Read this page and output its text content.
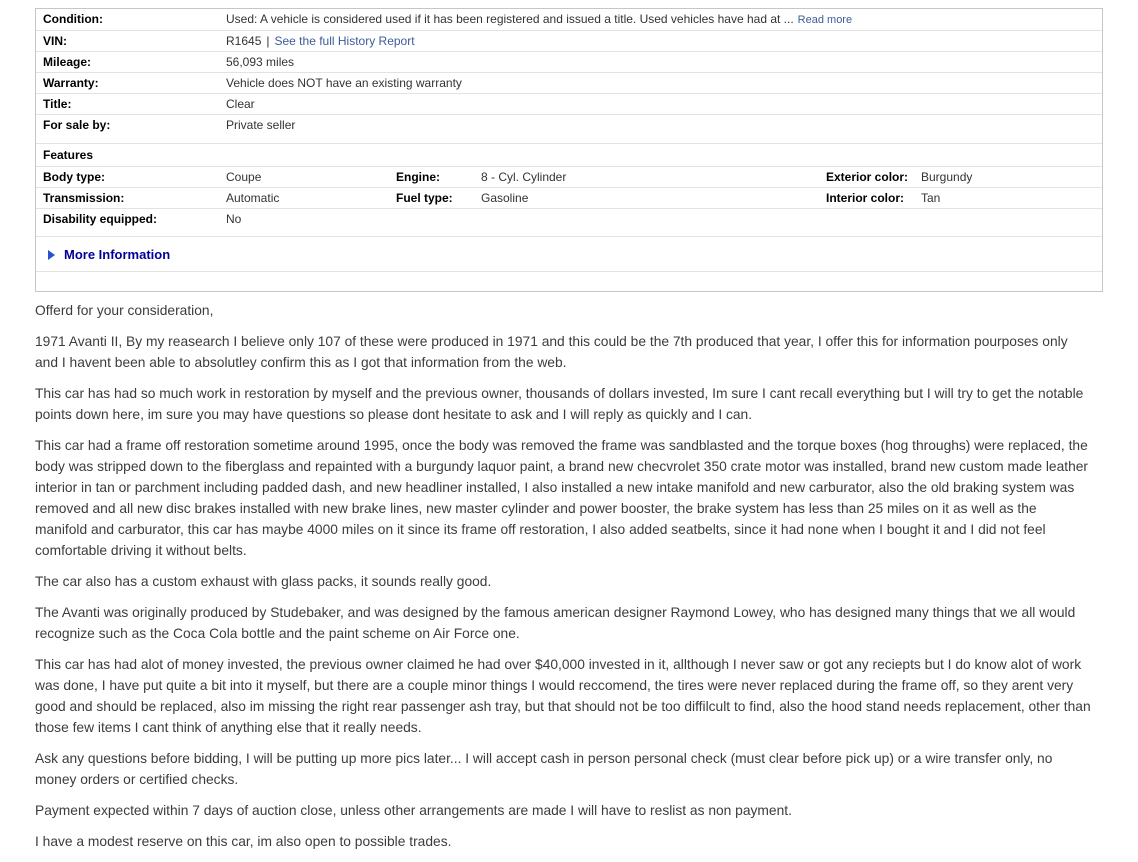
Condition:	Used: A vehicle is considered used if it has been registered and issued a title. Used vehicles have had at ... Read more
VIN:	R1645 | See the full History Report
Mileage:	56,093 miles
Warranty:	Vehicle does NOT have an existing warranty
Title:	Clear
For sale by:	Private seller
Features
Body type:	Coupe	Engine:	8 - Cyl. Cylinder	Exterior color:	Burgundy
Transmission:	Automatic	Fuel type:	Gasoline	Interior color:	Tan
Disability equipped:	No
More Information

Offerd for your consideration,

1971 Avanti II, By my reasearch I believe only 107 of these were produced in 1971 and this could be the 7th produced that year, I offer this for information pourposes only and I havent been able to absolutley confirm this as I got that information from the web.

This car has had so much work in restoration by myself and the previous owner, thousands of dollars invested, Im sure I cant recall everything but I will try to get the notable points down here, im sure you may have questions so please dont hesitate to ask and I will reply as quickly and I can.

This car had a frame off restoration sometime around 1995, once the body was removed the frame was sandblasted and the torque boxes (hog throughs) were replaced, the body was stripped down to the fiberglass and repainted with a burgundy laquor paint, a brand new checvrolet 350 crate motor was installed, brand new custom made leather interior in tan or parchment including padded dash, and new headliner installed, I also installed a new intake manifold and new carburator, also the old braking system was removed and all new disc brakes installed with new brake lines, new master cylinder and power booster, the brake system has less than 25 miles on it as well as the manifold and carburator, this car has maybe 4000 miles on it since its frame off restoration, I also added seatbelts, since it had none when I bought it and I did not feel comfortable driving it without belts.

The car also has a custom exhaust with glass packs, it sounds really good.

The Avanti was originally produced by Studebaker, and was designed by the famous american designer Raymond Lowey, who has designed many things that we all would recognize such as the Coca Cola bottle and the paint scheme on Air Force one.

This car has had alot of money invested, the previous owner claimed he had over $40,000 invested in it, allthough I never saw or got any reciepts but I do know alot of work was done, I have put quite a bit into it myself, but there are a couple minor things I would reccomend, the tires were never replaced during the frame off, so they arent very good and should be replaced, also im missing the right rear passenger ash tray, but that should not be too diffilcult to find, also the hood stand needs replacement, other than those few items I cant think of anything else that it really needs.

Ask any questions before bidding, I will be putting up more pics later... I will accept cash in person personal check (must clear before pick up) or a wire transfer only, no money orders or certified checks.

Payment expected within 7 days of auction close, unless other arrangements are made I will have to reslist as non payment.

I have a modest reserve on this car, im also open to possible trades.
